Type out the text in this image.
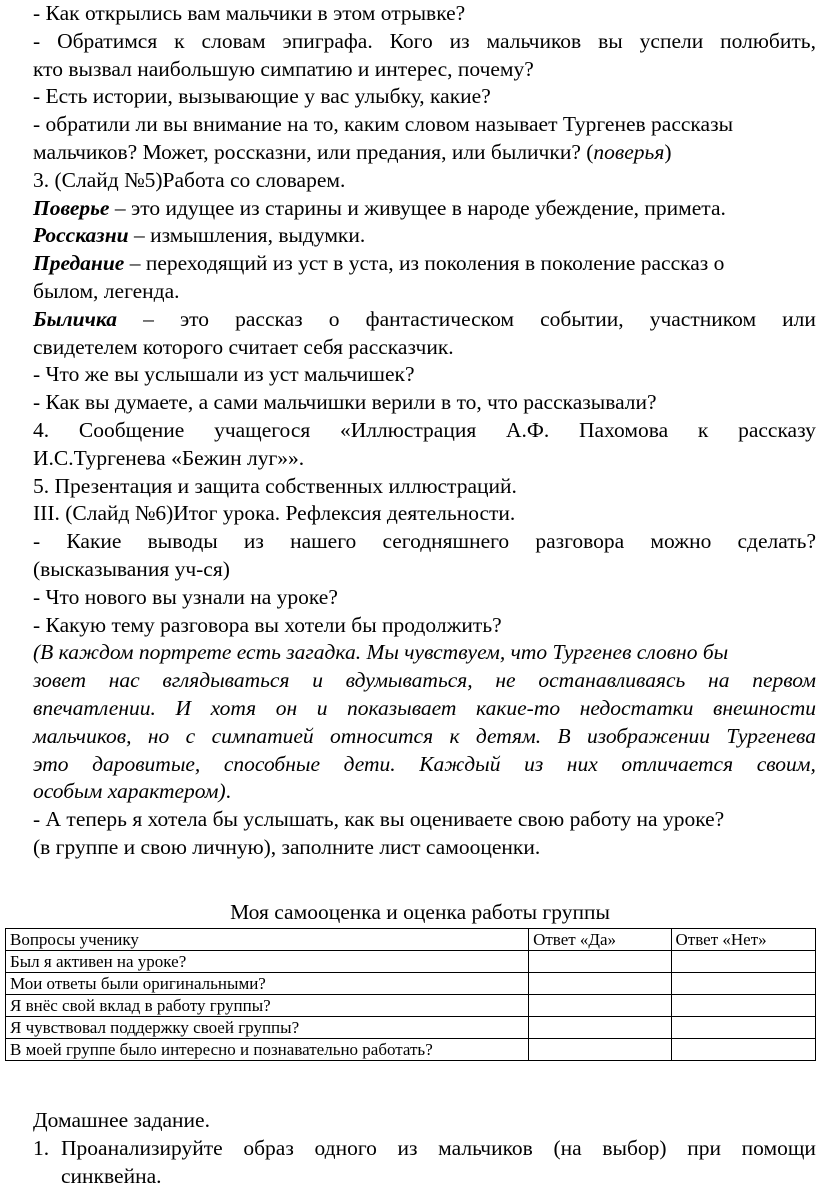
- Как открылись вам мальчики в этом отрывке?
- Обратимся к словам эпиграфа. Кого из мальчиков вы успели полюбить,
кто вызвал наибольшую симпатию и интерес, почему?
- Есть истории, вызывающие у вас улыбку, какие?
- обратили ли вы внимание на то, каким словом называет Тургенев рассказы
мальчиков? Может, россказни, или предания, или былички? (поверья)
3. (Слайд №5)Работа со словарем.
Поверье – это идущее из старины и живущее в народе убеждение, примета.
Россказни – измышления, выдумки.
Предание – переходящий из уст в уста, из поколения в поколение рассказ о
былом, легенда.
Быличка – это рассказ о фантастическом событии, участником или
свидетелем которого считает себя рассказчик.
- Что же вы услышали из уст мальчишек?
- Как вы думаете, а сами мальчишки верили в то, что рассказывали?
4. Сообщение учащегося «Иллюстрация А.Ф. Пахомова к рассказу
И.С.Тургенева «Бежин луг»».
5. Презентация и защита собственных иллюстраций.
III. (Слайд №6)Итог урока. Рефлексия деятельности.
- Какие выводы из нашего сегодняшнего разговора можно сделать?
(высказывания уч-ся)
- Что нового вы узнали на уроке?
- Какую тему разговора вы хотели бы продолжить?
(В каждом портрете есть загадка. Мы чувствуем, что Тургенев словно бы
зовет нас вглядываться и вдумываться, не останавливаясь на первом
впечатлении. И хотя он и показывает какие-то недостатки внешности
мальчиков, но с симпатией относится к детям. В изображении Тургенева
это даровитые, способные дети. Каждый из них отличается своим,
особым характером).
- А теперь я хотела бы услышать, как вы оцениваете свою работу на уроке?
(в группе и свою личную), заполните лист самооценки.
Моя самооценка и оценка работы группы
Вопросы ученику	Ответ «Да»	Ответ «Нет»
Был я активен на уроке?		
Мои ответы были оригинальными?		
Я внёс свой вклад в работу группы?		
Я чувствовал поддержку своей группы?		
В моей группе было интересно и познавательно работать?		
Домашнее задание.
1. Проанализируйте образ одного из мальчиков (на выбор) при помощи
синквейна.
